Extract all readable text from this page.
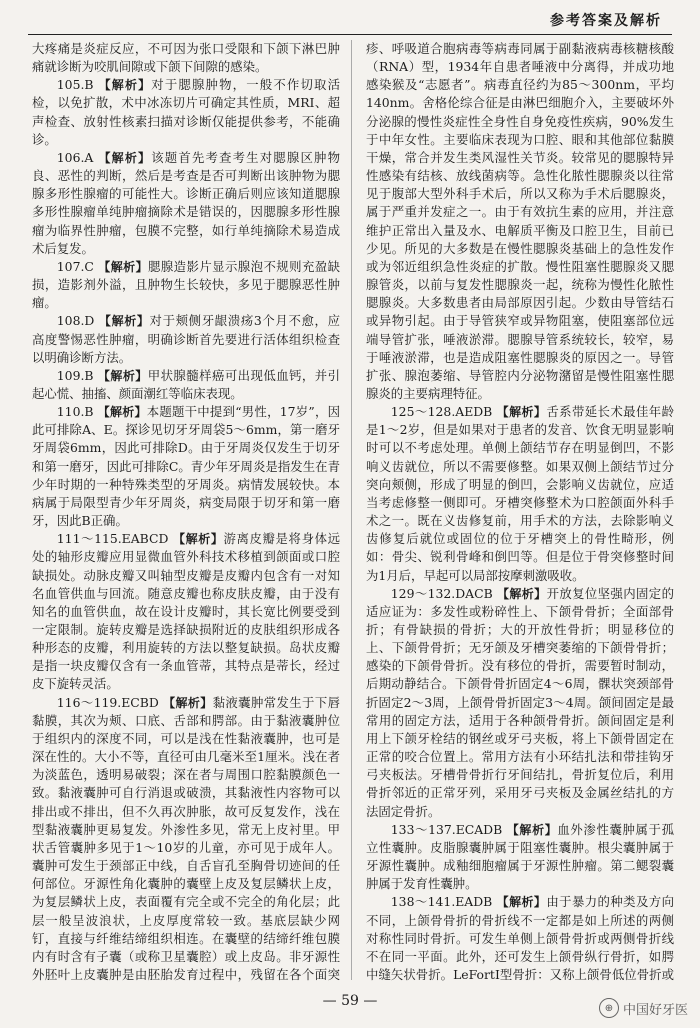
参考答案及解析

大疼痛是炎症反应，不可因为张口受限和下颌下淋巴肿痛就诊断为咬肌间隙或下颌下间隙的感染。

105.B 【解析】对于腮腺肿物，一般不作切取活检，以免扩散，术中冰冻切片可确定其性质，MRI、超声检查、放射性核素扫描对诊断仅能提供参考，不能确诊。

106.A 【解析】该题首先考查考生对腮腺区肿物良、恶性的判断，然后是考查是否可判断出该肿物为腮腺多形性腺瘤的可能性大。诊断正确后则应该知道腮腺多形性腺瘤单纯肿瘤摘除术是错误的，因腮腺多形性腺瘤为临界性肿瘤，包膜不完整，如行单纯摘除术易造成术后复发。

107.C 【解析】腮腺造影片显示腺泡不规则充盈缺损，造影剂外溢，且肿物生长较快，多见于腮腺恶性肿瘤。

108.D 【解析】对于颊侧牙龈溃疡3个月不愈，应高度警惕恶性肿瘤，明确诊断首先要进行活体组织检查以明确诊断方法。

109.B 【解析】甲状腺髓样癌可出现低血钙，并引起心慌、抽搐、颜面潮红等临床表现。

110.B 【解析】本题题干中提到“男性，17岁”，因此可排除A、E。探诊见切牙牙周袋5～6mm，第一磨牙牙周袋6mm，因此可排除D。由于牙周炎仅发生于切牙和第一磨牙，因此可排除C。青少年牙周炎是指发生在青少年时期的一种特殊类型的牙周炎。病情发展较快。本病属于局限型青少年牙周炎，病变局限于切牙和第一磨牙，因此B正确。

111～115.EABCD 【解析】游离皮瓣是将身体远处的轴形皮瓣应用显微血管外科技术移植到颌面或口腔缺损处。动脉皮瓣又叫轴型皮瓣是皮瓣内包含有一对知名血管供血与回流。随意皮瓣也称皮肤皮瓣，由于没有知名的血管供血，故在设计皮瓣时，其长宽比例要受到一定限制。旋转皮瓣是选择缺损附近的皮肤组织形成各种形态的皮瓣，利用旋转的方法以整复缺损。岛状皮瓣是指一块皮瓣仅含有一条血管蒂，其特点是蒂长，经过皮下旋转灵活。

116～119.ECBD 【解析】黏液囊肿常发生于下唇黏膜，其次为颊、口底、舌部和腭部。由于黏液囊肿位于组织内的深度不同，可以是浅在性黏液囊肿，也可是深在性的。大小不等，直径可由几毫米至1厘米。浅在者为淡蓝色，透明易破裂；深在者与周围口腔黏膜颜色一致。黏液囊肿可自行消退或破溃，其黏液性内容物可以排出或不排出，但不久再次肿胀，故可反复发作，浅在型黏液囊肿更易复发。外渗性多见，常无上皮衬里。甲状舌管囊肿多见于1～10岁的儿童，亦可见于成年人。囊肿可发生于颈部正中线，自舌盲孔至胸骨切迹间的任何部位。牙源性角化囊肿的囊壁上皮及复层鳞状上皮，为复层鳞状上皮，表面覆有完全或不完全的角化层；此层一般呈波浪状，上皮厚度常较一致。基底层缺少网钉，直接与纤维结缔组织相连。在囊壁的结缔纤维包膜内有时含有子囊（或称卫星囊腔）或上皮岛。非牙源性外胚叶上皮囊肿是由胚胎发育过程中，残留在各个面突

疹、呼吸道合胞病毒等病毒同属于副黏液病毒核糖核酸（RNA）型，1934年自患者唾液中分离得，并成功地感染猴及“志愿者”。病毒直径约为85～300nm，平均140nm。舍格伦综合征是由淋巴细胞介入，主要破坏外分泌腺的慢性炎症性全身性自身免疫性疾病，90%发生于中年女性。主要临床表现为口腔、眼和其他部位黏膜干燥，常合并发生类风湿性关节炎。较常见的腮腺特异性感染有结核、放线菌病等。急性化脓性腮腺炎以往常见于腹部大型外科手术后，所以又称为手术后腮腺炎，属于严重并发症之一。由于有效抗生素的应用，并注意维护正常出入量及水、电解质平衡及口腔卫生，目前已少见。所见的大多数是在慢性腮腺炎基础上的急性发作或为邻近组织急性炎症的扩散。慢性阻塞性腮腺炎又腮腺管炎，以前与复发性腮腺炎一起，统称为慢性化脓性腮腺炎。大多数患者由局部原因引起。少数由导管结石或异物引起。由于导管狭窄或异物阻塞，使阻塞部位远端导管扩张，唾液淤滞。腮腺导管系统较长，较窄，易于唾液淤滞，也是造成阻塞性腮腺炎的原因之一。导管扩张、腺泡萎缩、导管腔内分泌物潴留是慢性阻塞性腮腺炎的主要病理特征。

125～128.AEDB 【解析】舌系带延长术最佳年龄是1～2岁，但是如果对于患者的发音、饮食无明显影响时可以不考虑处理。单侧上颌结节存在明显倒凹，不影响义齿就位，所以不需要修整。如果双侧上颌结节过分突向颊侧，形成了明显的倒凹，会影响义齿就位，应适当考虑修整一侧即可。牙槽突修整术为口腔颌面外科手术之一。既在义齿修复前，用手术的方法，去除影响义齿修复后就位或固位的位于牙槽突上的骨性畸形，例如：骨尖、锐利骨峰和倒凹等。但是位于骨突修整时间为1月后，早起可以局部按摩刺激吸收。

129～132.DACB 【解析】开放复位坚强内固定的适应证为：多发性或粉碎性上、下颌骨骨折；全面部骨折；有骨缺损的骨折；大的开放性骨折；明显移位的上、下颌骨骨折；无牙颌及牙槽突萎缩的下颌骨骨折；感染的下颌骨骨折。没有移位的骨折，需要暂时制动，后期动静结合。下颌骨骨折固定4～6周，髁状突颈部骨折固定2～3周，上颌骨骨折固定3～4周。颌间固定是最常用的固定方法，适用于各种颌骨骨折。颌间固定是利用上下颌牙栓结的钢丝或牙弓夹板，将上下颌骨固定在正常的咬合位置上。常用方法有小环结扎法和带挂钩牙弓夹板法。牙槽骨骨折行牙间结扎，骨折复位后，利用骨折邻近的正常牙列，采用牙弓夹板及金属丝结扎的方法固定骨折。

133～137.ECADB 【解析】血外渗性囊肿属于孤立性囊肿。皮脂腺囊肿属于阻塞性囊肿。根尖囊肿属于牙源性囊肿。成釉细胞瘤属于牙源性肿瘤。第二鳃裂囊肿属于发育性囊肿。

138～141.EADB 【解析】由于暴力的种类及方向不同，上颌骨骨折的骨折线不一定都是如上所述的两侧对称性同时骨折。可发生单侧上颌骨骨折或两侧骨折线不在同一平面。此外，还可发生上颌骨纵行骨折，如腭中缝矢状骨折。LeFortⅠ型骨折：又称上颌骨低位骨折或

— 59 —	⊕ 中国好牙医
